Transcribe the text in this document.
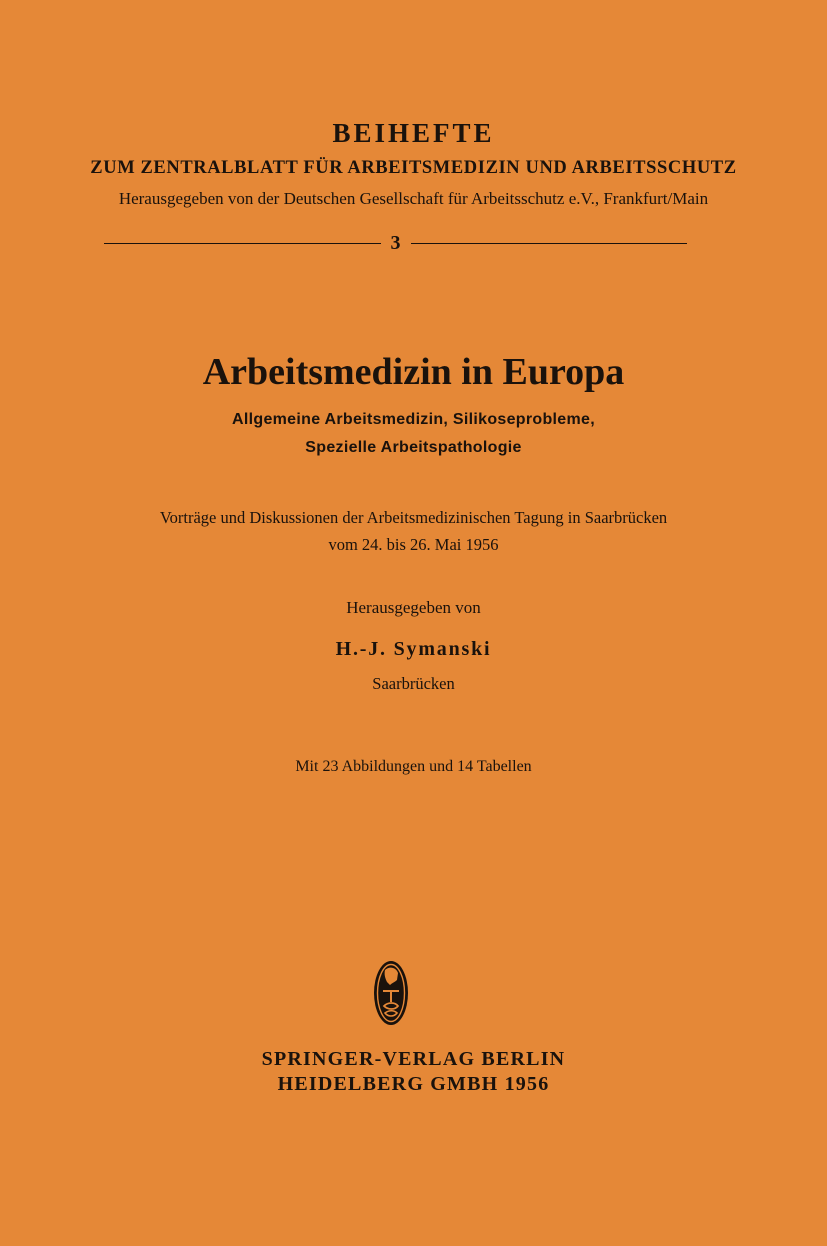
BEIHEFTE
ZUM ZENTRALBLATT FÜR ARBEITSMEDIZIN UND ARBEITSSCHUTZ
Herausgegeben von der Deutschen Gesellschaft für Arbeitsschutz e.V., Frankfurt/Main
3
Arbeitsmedizin in Europa
Allgemeine Arbeitsmedizin, Silikoseprobleme,
Spezielle Arbeitspathologie
Vorträge und Diskussionen der Arbeitsmedizinischen Tagung in Saarbrücken
vom 24. bis 26. Mai 1956
Herausgegeben von
H.-J. Symanski
Saarbrücken
Mit 23 Abbildungen und 14 Tabellen
SPRINGER-VERLAG BERLIN
HEIDELBERG GMBH 1956
